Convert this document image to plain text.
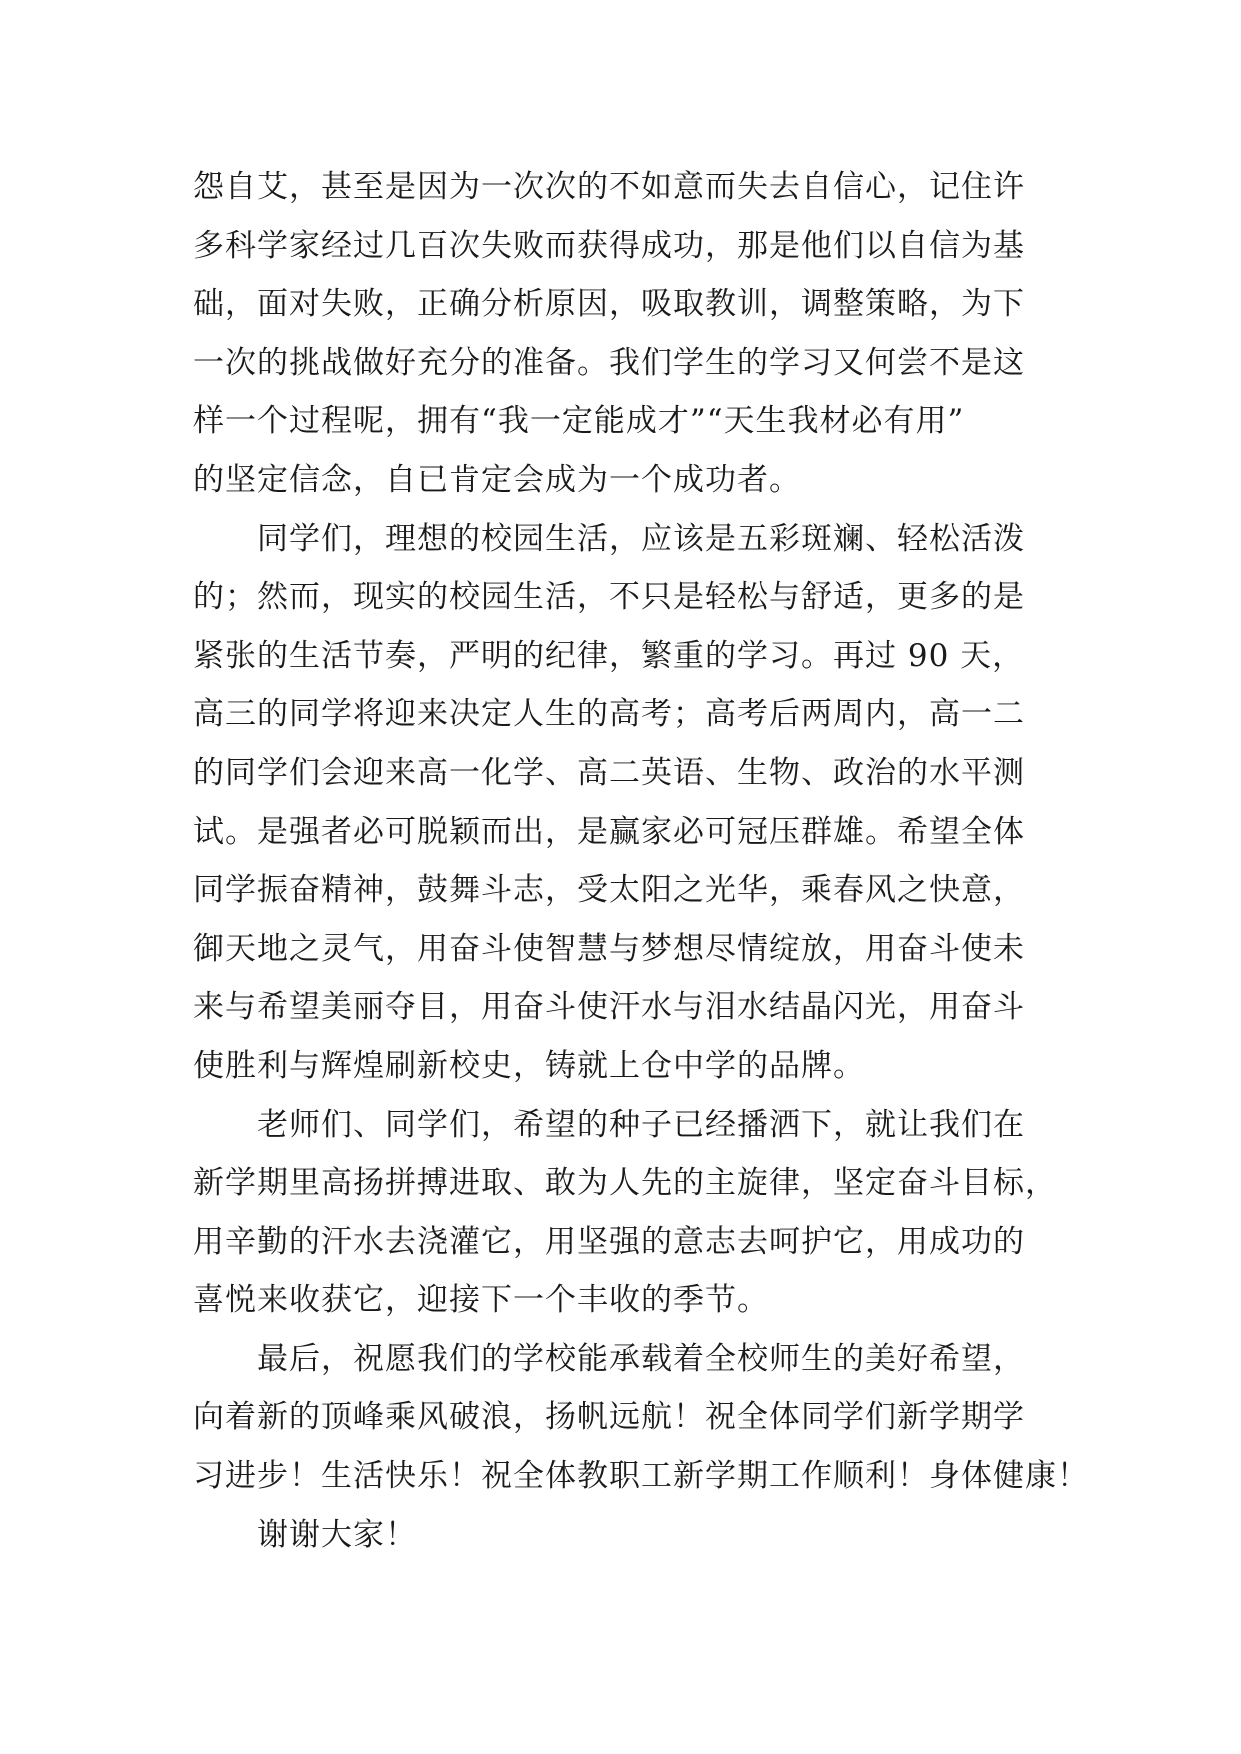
怨自艾，甚至是因为一次次的不如意而失去自信心，记住许
多科学家经过几百次失败而获得成功，那是他们以自信为基
础，面对失败，正确分析原因，吸取教训，调整策略，为下
一次的挑战做好充分的准备。我们学生的学习又何尝不是这
样一个过程呢，拥有“我一定能成才”“天生我材必有用”
的坚定信念，自已肯定会成为一个成功者。
同学们，理想的校园生活，应该是五彩斑斓、轻松活泼
的；然而，现实的校园生活，不只是轻松与舒适，更多的是
紧张的生活节奏，严明的纪律，繁重的学习。再过 90 天，
高三的同学将迎来决定人生的高考；高考后两周内，高一二
的同学们会迎来高一化学、高二英语、生物、政治的水平测
试。是强者必可脱颖而出，是赢家必可冠压群雄。希望全体
同学振奋精神，鼓舞斗志，受太阳之光华，乘春风之快意，
御天地之灵气，用奋斗使智慧与梦想尽情绽放，用奋斗使未
来与希望美丽夺目，用奋斗使汗水与泪水结晶闪光，用奋斗
使胜利与辉煌刷新校史，铸就上仓中学的品牌。
老师们、同学们，希望的种子已经播洒下，就让我们在
新学期里高扬拼搏进取、敢为人先的主旋律，坚定奋斗目标，
用辛勤的汗水去浇灌它，用坚强的意志去呵护它，用成功的
喜悦来收获它，迎接下一个丰收的季节。
最后，祝愿我们的学校能承载着全校师生的美好希望，
向着新的顶峰乘风破浪，扬帆远航！祝全体同学们新学期学
习进步！生活快乐！祝全体教职工新学期工作顺利！身体健康！
谢谢大家！
